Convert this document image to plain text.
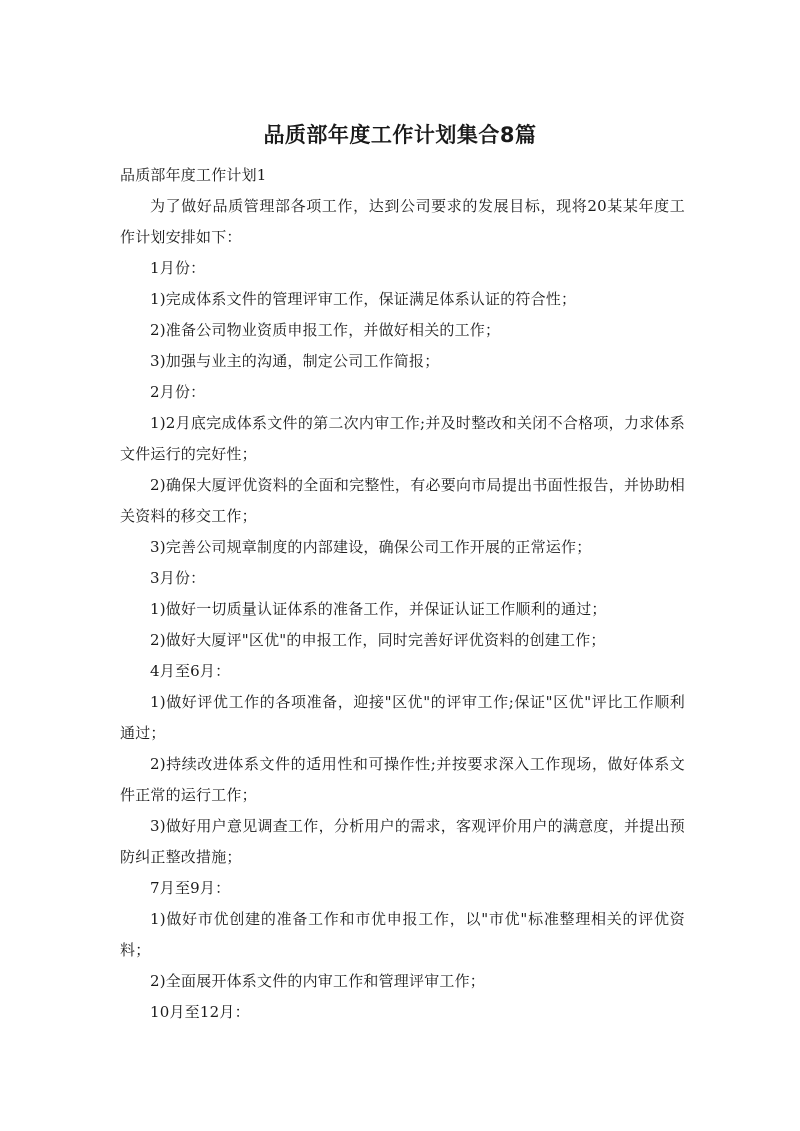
品质部年度工作计划集合8篇

品质部年度工作计划1

为了做好品质管理部各项工作，达到公司要求的发展目标，现将20某某年度工作计划安排如下：

1月份：

1)完成体系文件的管理评审工作，保证满足体系认证的符合性；

2)准备公司物业资质申报工作，并做好相关的工作；

3)加强与业主的沟通，制定公司工作简报；

2月份：

1)2月底完成体系文件的第二次内审工作;并及时整改和关闭不合格项，力求体系文件运行的完好性；

2)确保大厦评优资料的全面和完整性，有必要向市局提出书面性报告，并协助相关资料的移交工作；

3)完善公司规章制度的内部建设，确保公司工作开展的正常运作；

3月份：

1)做好一切质量认证体系的准备工作，并保证认证工作顺利的通过；

2)做好大厦评"区优"的申报工作，同时完善好评优资料的创建工作；

4月至6月：

1)做好评优工作的各项准备，迎接"区优"的评审工作;保证"区优"评比工作顺利通过；

2)持续改进体系文件的适用性和可操作性;并按要求深入工作现场，做好体系文件正常的运行工作；

3)做好用户意见调查工作，分析用户的需求，客观评价用户的满意度，并提出预防纠正整改措施；

7月至9月：

1)做好市优创建的准备工作和市优申报工作，以"市优"标准整理相关的评优资料；

2)全面展开体系文件的内审工作和管理评审工作；

10月至12月：
